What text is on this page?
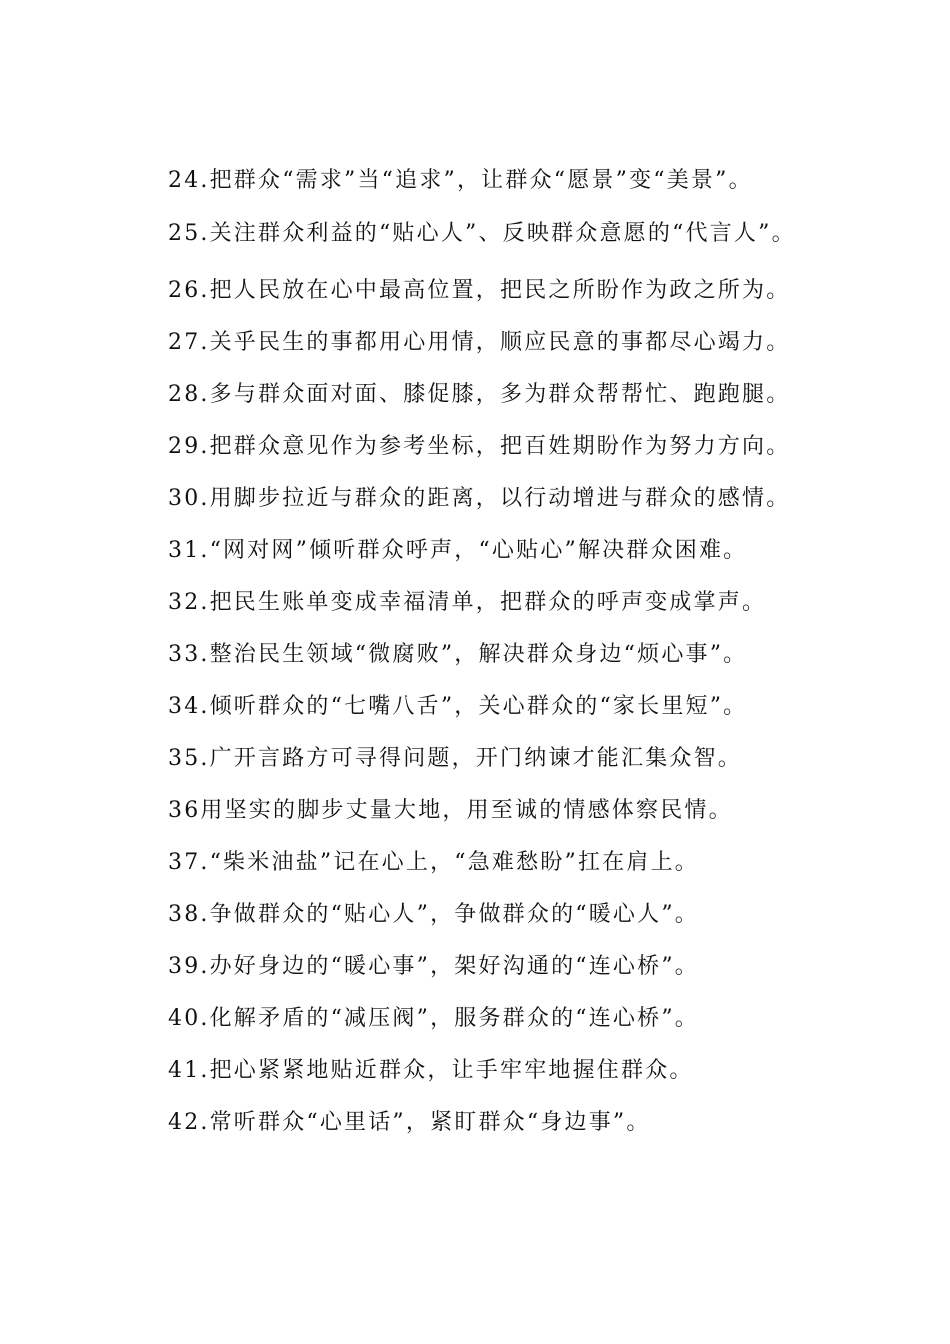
24.把群众“需求”当“追求”，让群众“愿景”变“美景”。

25.关注群众利益的“贴心人”、反映群众意愿的“代言人”。

26.把人民放在心中最高位置，把民之所盼作为政之所为。

27.关乎民生的事都用心用情，顺应民意的事都尽心竭力。

28.多与群众面对面、膝促膝，多为群众帮帮忙、跑跑腿。

29.把群众意见作为参考坐标，把百姓期盼作为努力方向。

30.用脚步拉近与群众的距离，以行动增进与群众的感情。

31.“网对网”倾听群众呼声，“心贴心”解决群众困难。

32.把民生账单变成幸福清单，把群众的呼声变成掌声。

33.整治民生领域“微腐败”，解决群众身边“烦心事”。

34.倾听群众的“七嘴八舌”，关心群众的“家长里短”。

35.广开言路方可寻得问题，开门纳谏才能汇集众智。

36用坚实的脚步丈量大地，用至诚的情感体察民情。

37.“柴米油盐”记在心上，“急难愁盼”扛在肩上。

38.争做群众的“贴心人”，争做群众的“暖心人”。

39.办好身边的“暖心事”，架好沟通的“连心桥”。

40.化解矛盾的“减压阀”，服务群众的“连心桥”。

41.把心紧紧地贴近群众，让手牢牢地握住群众。

42.常听群众“心里话”，紧盯群众“身边事”。
